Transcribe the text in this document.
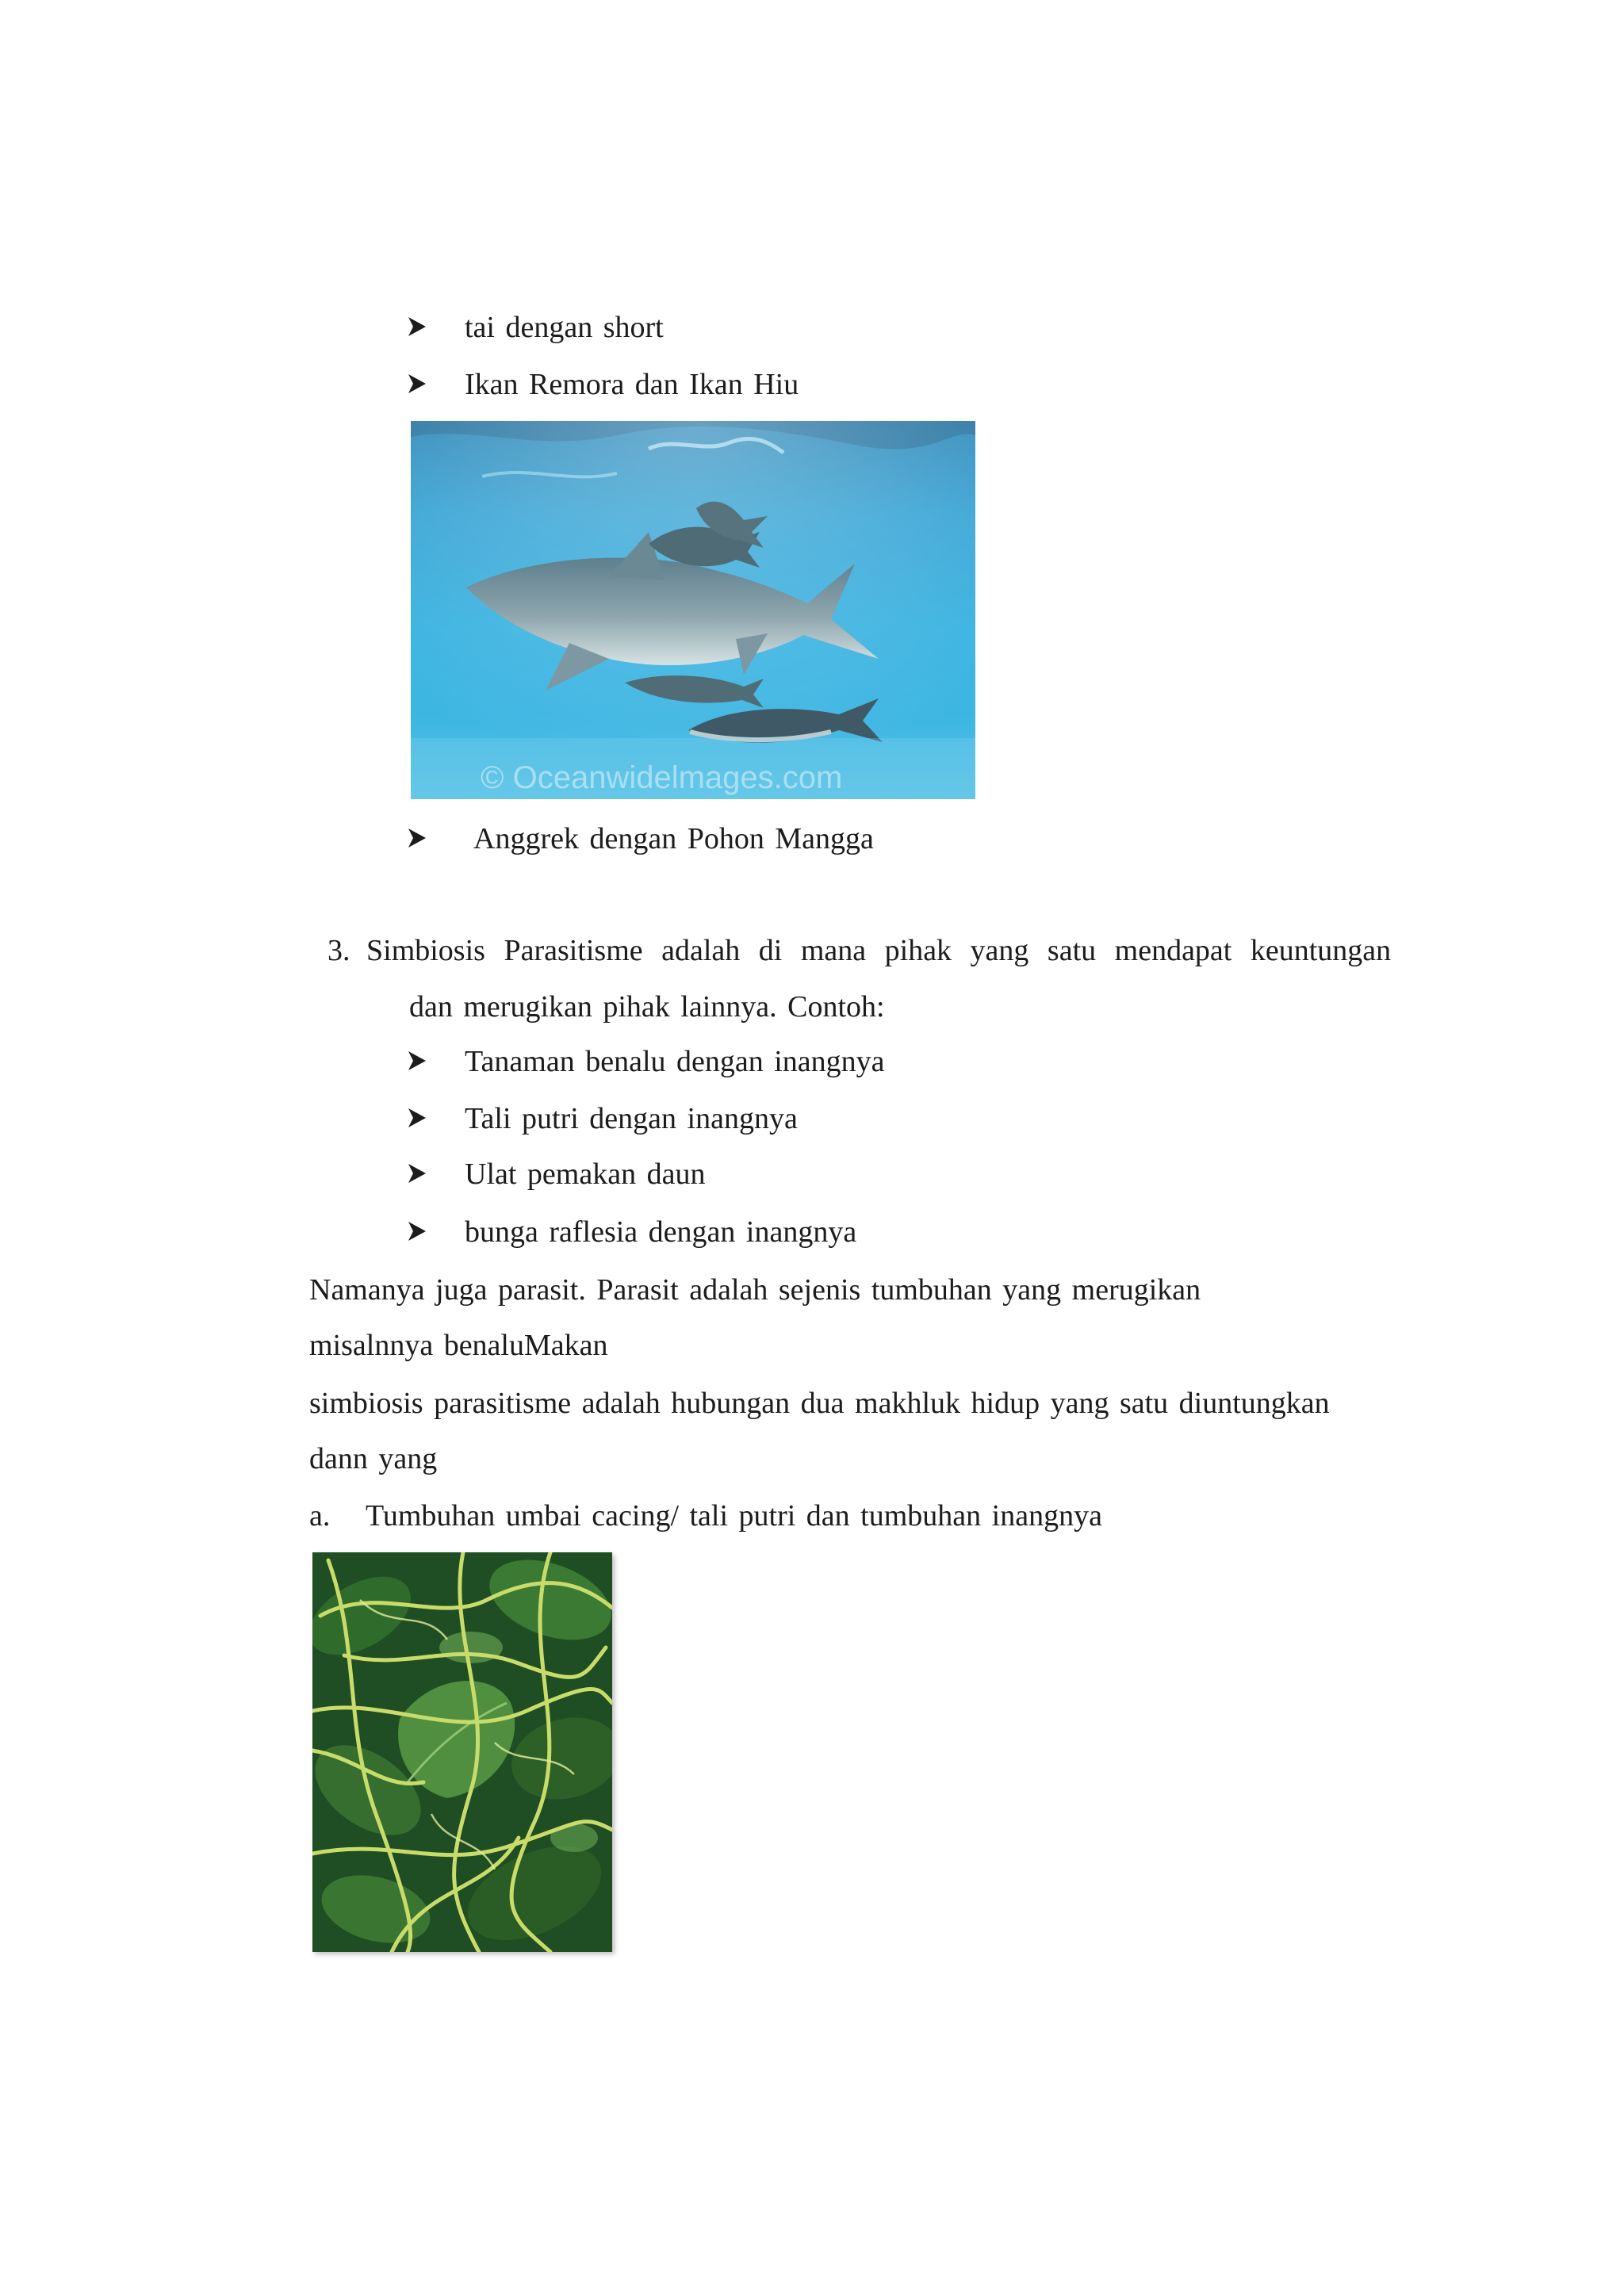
tai dengan short
Ikan Remora dan Ikan Hiu
© Oceanwidelmages.com
Anggrek dengan Pohon Mangga
3. Simbiosis Parasitisme adalah di mana pihak yang satu mendapat keuntungan
dan merugikan pihak lainnya. Contoh:
Tanaman benalu dengan inangnya
Tali putri dengan inangnya
Ulat pemakan daun
bunga raflesia dengan inangnya
Namanya juga parasit. Parasit adalah sejenis tumbuhan yang merugikan
misalnnya benaluMakan
simbiosis parasitisme adalah hubungan dua makhluk hidup yang satu diuntungkan
dann yang
a. Tumbuhan umbai cacing/ tali putri dan tumbuhan inangnya
